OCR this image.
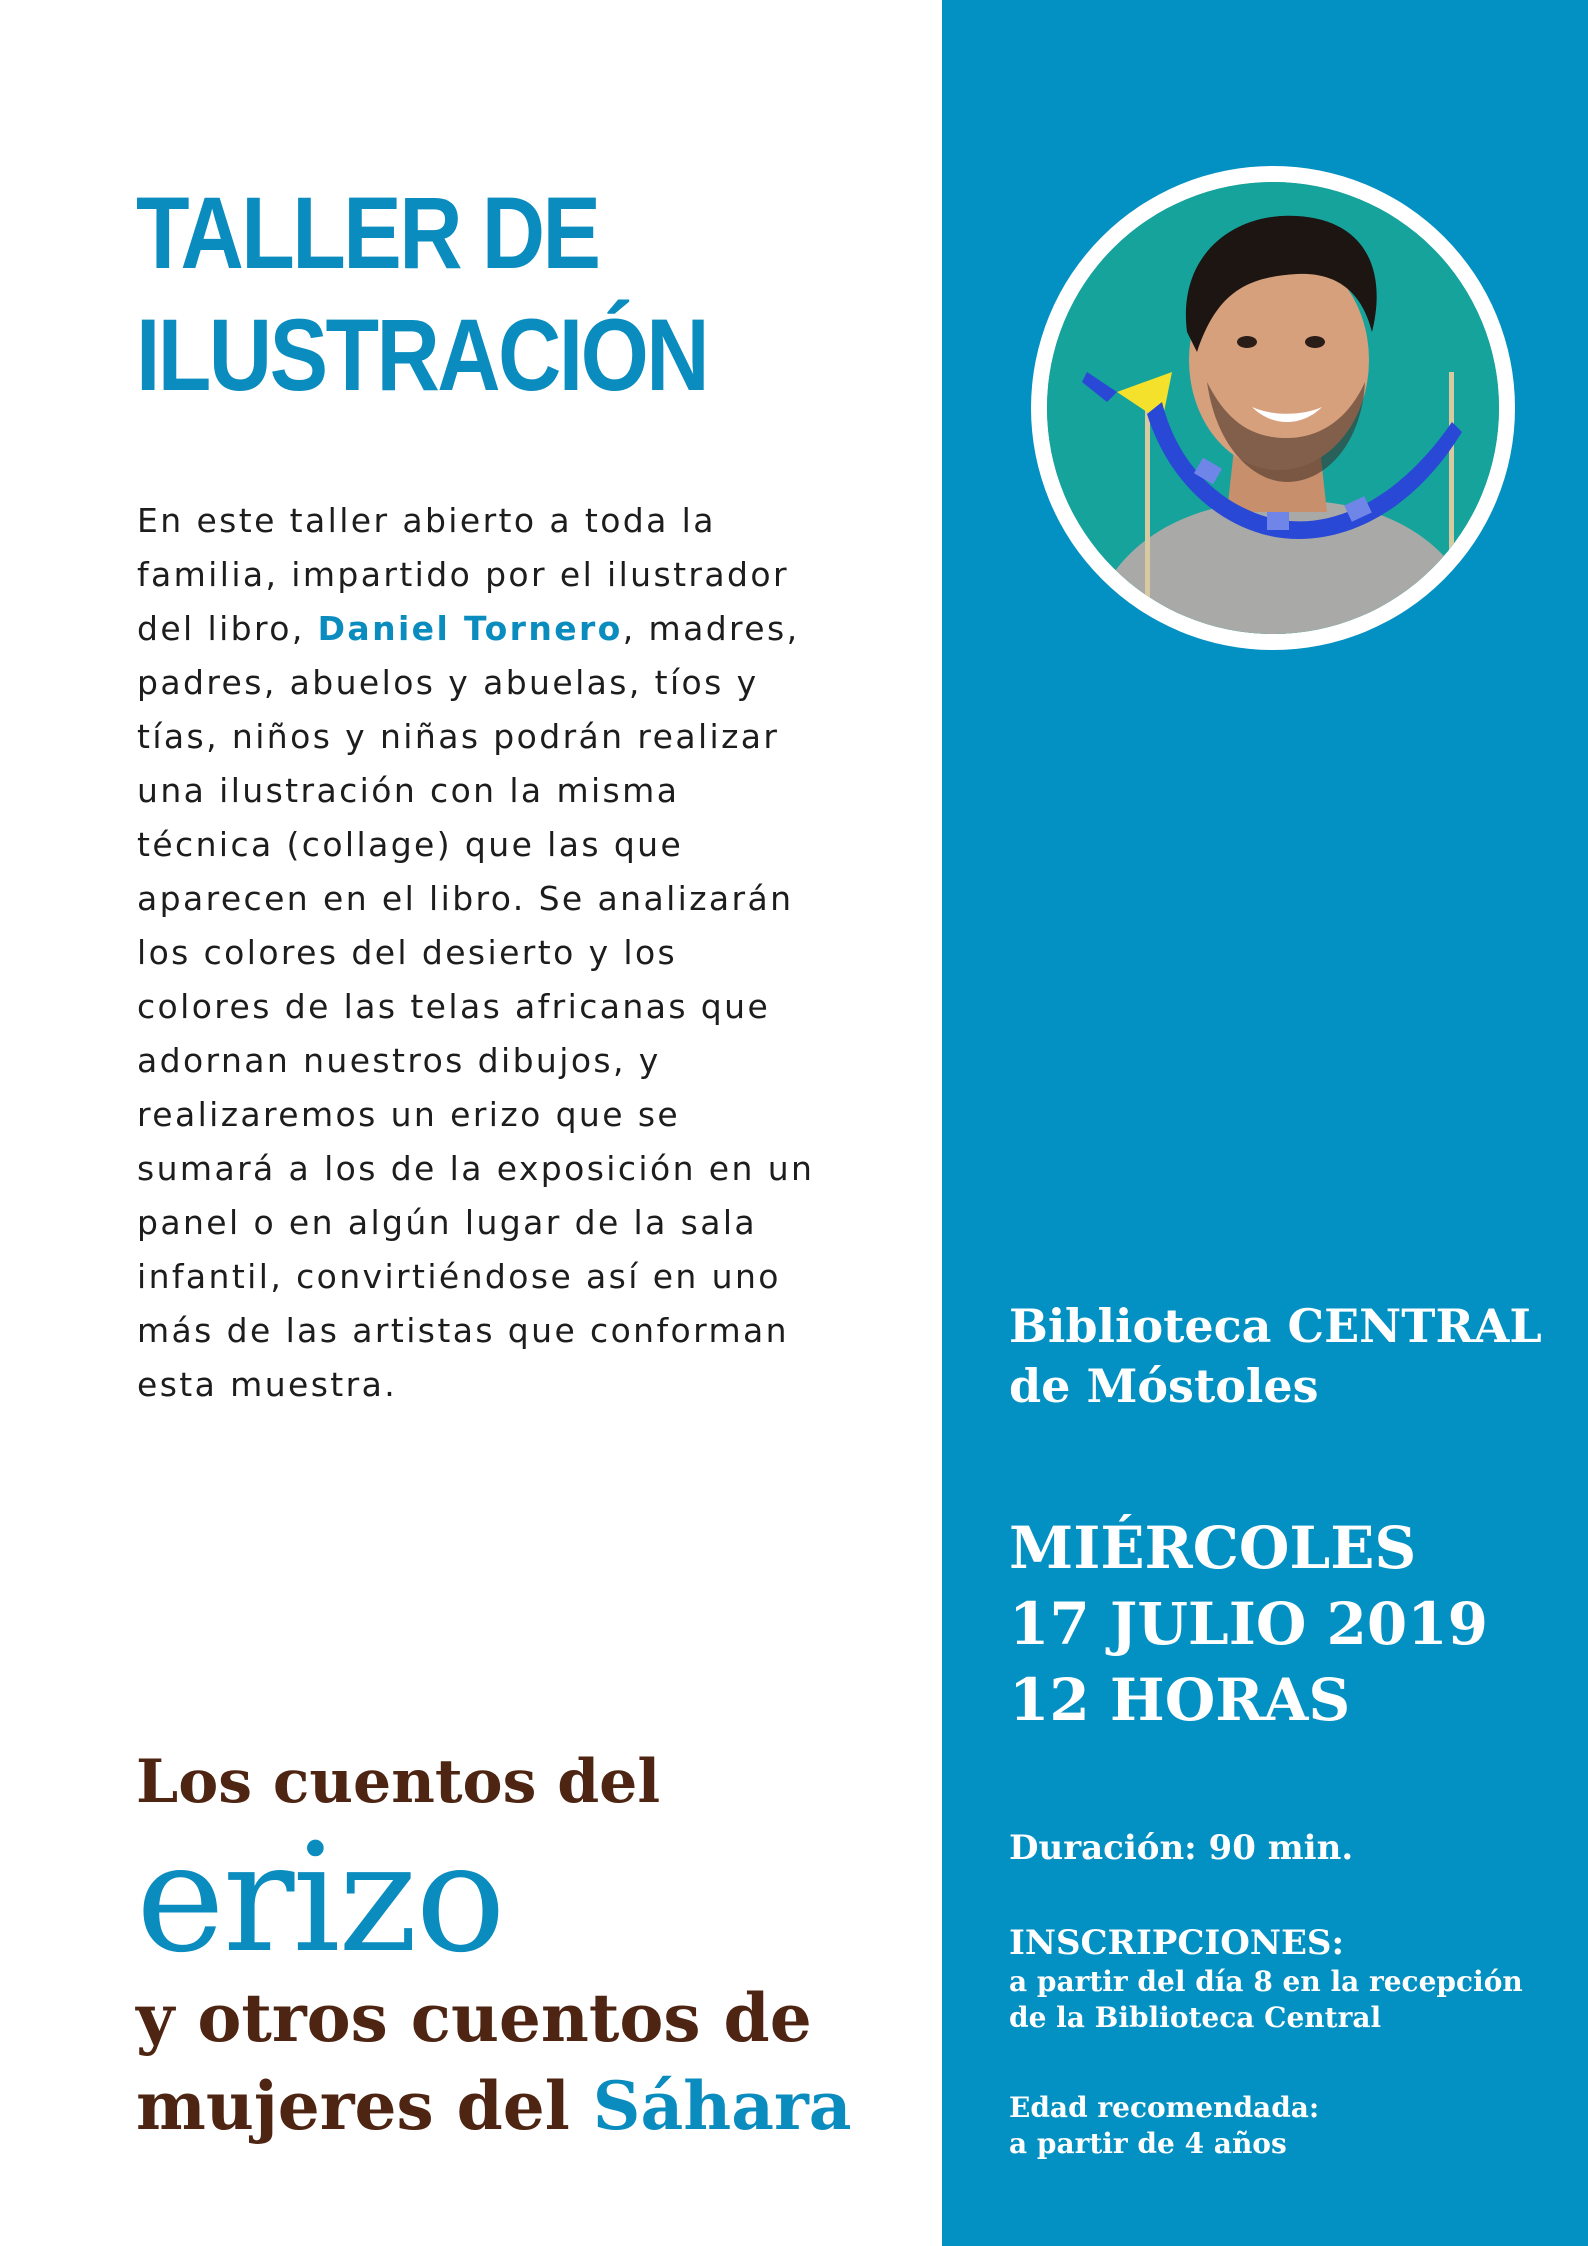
TALLER DE
ILUSTRACIÓN

En este taller abierto a toda la familia, impartido por el ilustrador del libro, Daniel Tornero, madres, padres, abuelos y abuelas, tíos y tías, niños y niñas podrán realizar una ilustración con la misma técnica (collage) que las que aparecen en el libro. Se analizarán los colores del desierto y los colores de las telas africanas que adornan nuestros dibujos, y realizaremos un erizo que se sumará a los de la exposición en un panel o en algún lugar de la sala infantil, convirtiéndose así en uno más de las artistas que conforman esta muestra.

Los cuentos del
erizo
y otros cuentos de
mujeres del Sáhara
Biblioteca CENTRAL
de Móstoles
MIÉRCOLES
17 JULIO 2019
12 HORAS
Duración: 90 min.
INSCRIPCIONES:
a partir del día 8 en la recepción
de la Biblioteca Central
Edad recomendada:
a partir de 4 años
